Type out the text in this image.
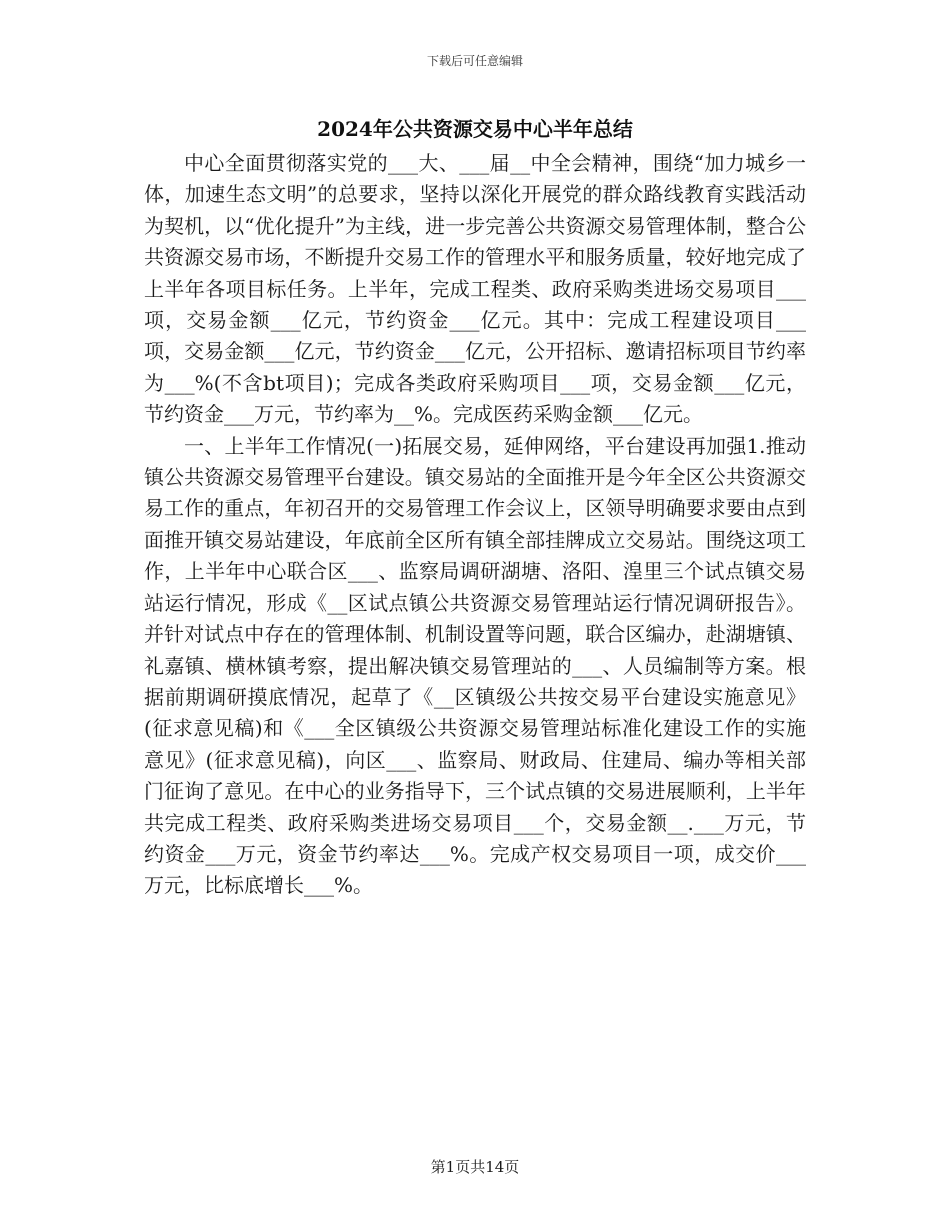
下载后可任意编辑
2024年公共资源交易中心半年总结

中心全面贯彻落实党的___大、___届__中全会精神，围绕“加力城乡一体，加速生态文明”的总要求，坚持以深化开展党的群众路线教育实践活动为契机，以“优化提升”为主线，进一步完善公共资源交易管理体制，整合公共资源交易市场，不断提升交易工作的管理水平和服务质量，较好地完成了上半年各项目标任务。上半年，完成工程类、政府采购类进场交易项目___项，交易金额___亿元，节约资金___亿元。其中：完成工程建设项目___项，交易金额___亿元，节约资金___亿元，公开招标、邀请招标项目节约率为___%(不含bt项目)；完成各类政府采购项目___项，交易金额___亿元，节约资金___万元，节约率为__%。完成医药采购金额___亿元。

一、上半年工作情况(一)拓展交易，延伸网络，平台建设再加强1.推动镇公共资源交易管理平台建设。镇交易站的全面推开是今年全区公共资源交易工作的重点，年初召开的交易管理工作会议上，区领导明确要求要由点到面推开镇交易站建设，年底前全区所有镇全部挂牌成立交易站。围绕这项工作，上半年中心联合区___、监察局调研湖塘、洛阳、湟里三个试点镇交易站运行情况，形成《__区试点镇公共资源交易管理站运行情况调研报告》。并针对试点中存在的管理体制、机制设置等问题，联合区编办，赴湖塘镇、礼嘉镇、横林镇考察，提出解决镇交易管理站的___、人员编制等方案。根据前期调研摸底情况，起草了《__区镇级公共按交易平台建设实施意见》(征求意见稿)和《___全区镇级公共资源交易管理站标准化建设工作的实施意见》(征求意见稿)，向区___、监察局、财政局、住建局、编办等相关部门征询了意见。在中心的业务指导下，三个试点镇的交易进展顺利，上半年共完成工程类、政府采购类进场交易项目___个，交易金额__.___万元，节约资金___万元，资金节约率达___%。完成产权交易项目一项，成交价___万元，比标底增长___%。

第1页共14页
